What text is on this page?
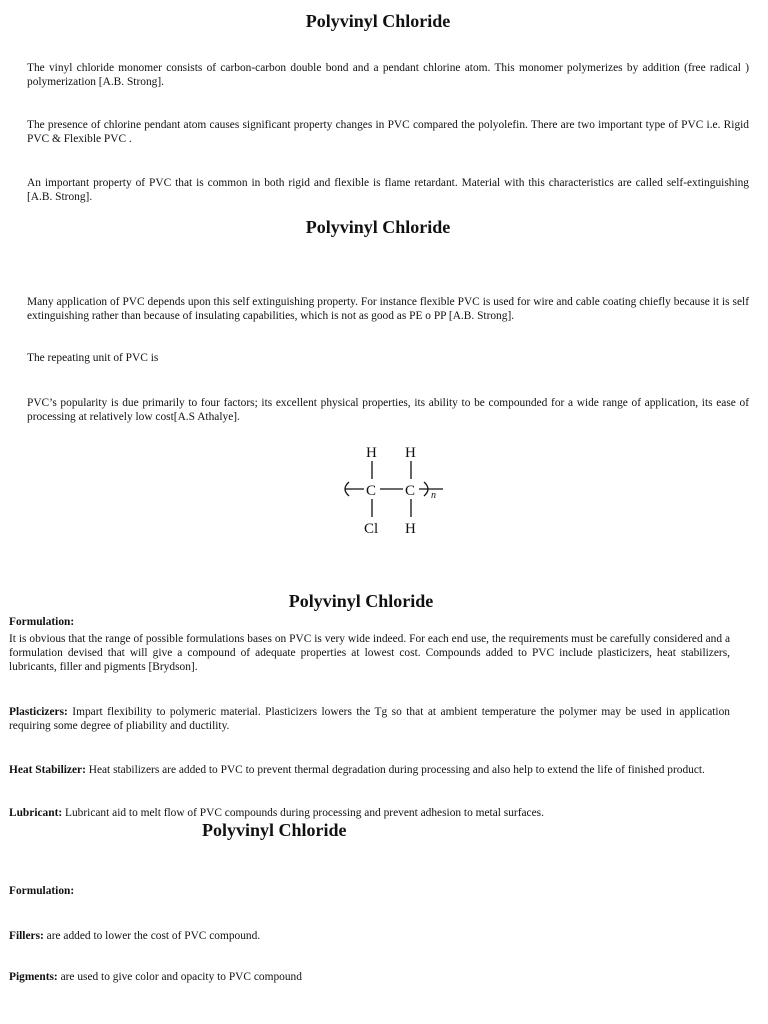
Polyvinyl Chloride

The vinyl chloride monomer consists of carbon-carbon double bond and a pendant chlorine atom. This monomer polymerizes by addition (free radical ) polymerization [A.B. Strong].

The presence of chlorine pendant atom causes significant property changes in PVC compared the polyolefin. There are two important type of PVC i.e. Rigid PVC & Flexible PVC .

An important property of PVC that is common in both rigid and flexible is flame retardant. Material with this characteristics are called self-extinguishing [A.B. Strong].

Polyvinyl Chloride

Many application of PVC depends upon this self extinguishing property. For instance flexible PVC is used for wire and cable coating chiefly because it is self extinguishing rather than because of insulating capabilities, which is not as good as PE o PP [A.B. Strong].

The repeating unit of PVC is

PVC’s popularity is due primarily to four factors; its excellent physical properties, its ability to be compounded for a wide range of application, its ease of processing at relatively low cost[A.S Athalye].

H H
C C
Cl H
n
Polyvinyl Chloride

Formulation:

It is obvious that the range of possible formulations bases on PVC is very wide indeed. For each end use, the requirements must be carefully considered and a formulation devised that will give a compound of adequate properties at lowest cost. Compounds added to PVC include plasticizers, heat stabilizers, lubricants, filler and pigments [Brydson].

Plasticizers: Impart flexibility to polymeric material. Plasticizers lowers the Tg so that at ambient temperature the polymer may be used in application requiring some degree of pliability and ductility.

Heat Stabilizer: Heat stabilizers are added to PVC to prevent thermal degradation during processing and also help to extend the life of finished product.

Lubricant: Lubricant aid to melt flow of PVC compounds during processing and prevent adhesion to metal surfaces.

Polyvinyl Chloride

Formulation:

Fillers: are added to lower the cost of PVC compound.

Pigments: are used to give color and opacity to PVC compound
